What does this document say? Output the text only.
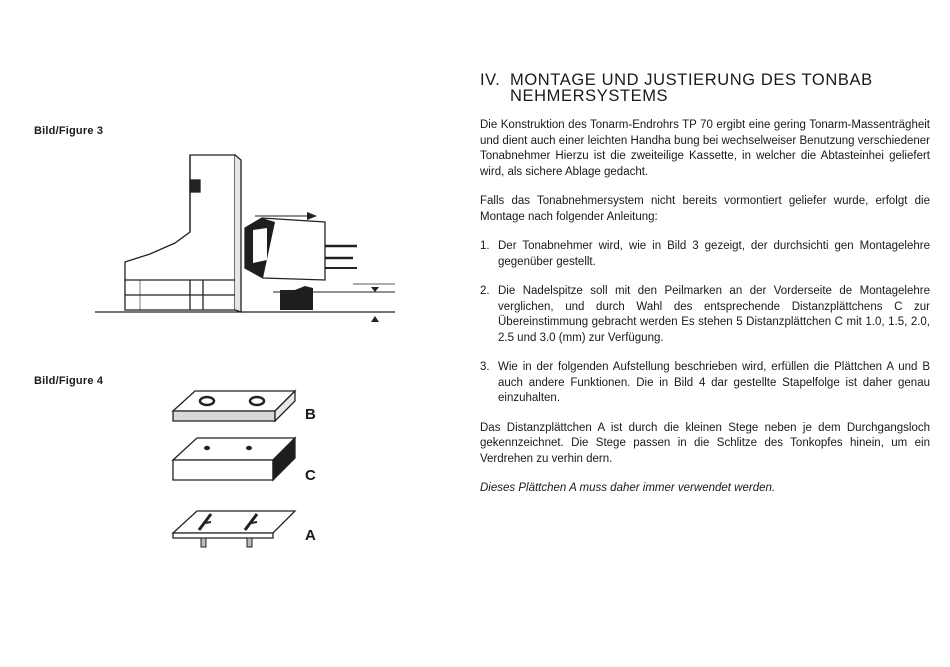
Bild/Figure 3
Bild/Figure 4
B
C
A
IV. MONTAGE UND JUSTIERUNG DES TONBAB
NEHMERSYSTEMS

Die Konstruktion des Tonarm-Endrohrs TP 70 ergibt eine gering Tonarm-Massenträgheit und dient auch einer leichten Handha bung bei wechselweiser Benutzung verschiedener Tonabnehmer Hierzu ist die zweiteilige Kassette, in welcher die Abtasteinhei geliefert wird, als sichere Ablage gedacht.

Falls das Tonabnehmersystem nicht bereits vormontiert geliefer wurde, erfolgt die Montage nach folgender Anleitung:

1. Der Tonabnehmer wird, wie in Bild 3 gezeigt, der durchsichti gen Montagelehre gegenüber gestellt.
2. Die Nadelspitze soll mit den Peilmarken an der Vorderseite de Montagelehre verglichen, und durch Wahl des entsprechende Distanzplättchens C zur Übereinstimmung gebracht werden Es stehen 5 Distanzplättchen C mit 1.0, 1.5, 2.0, 2.5 und 3.0 (mm) zur Verfügung.
3. Wie in der folgenden Aufstellung beschrieben wird, erfüllen die Plättchen A und B auch andere Funktionen. Die in Bild 4 dar gestellte Stapelfolge ist daher genau einzuhalten.

Das Distanzplättchen A ist durch die kleinen Stege neben je dem Durchgangsloch gekennzeichnet. Die Stege passen in die Schlitze des Tonkopfes hinein, um ein Verdrehen zu verhin dern.

Dieses Plättchen A muss daher immer verwendet werden.
